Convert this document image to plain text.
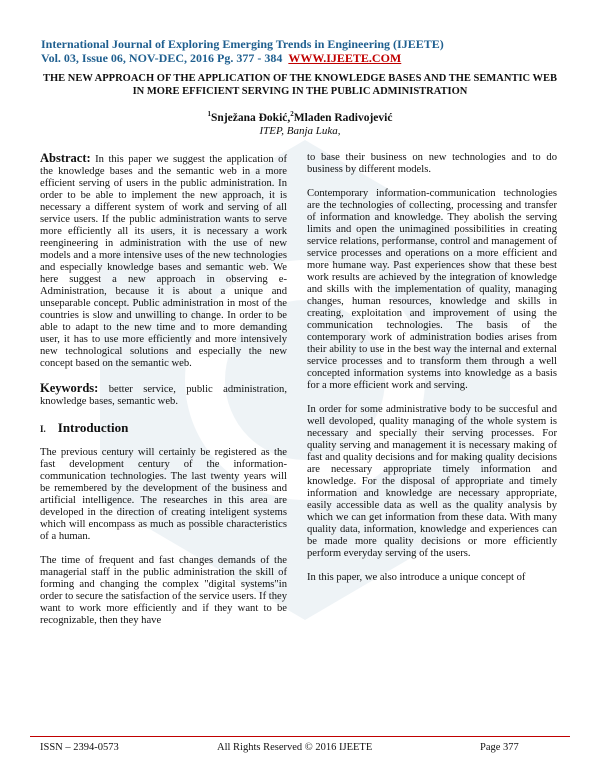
International Journal of Exploring Emerging Trends in Engineering (IJEETE)
Vol. 03, Issue 06, NOV-DEC, 2016 Pg. 377 - 384 WWW.IJEETE.COM
THE NEW APPROACH OF THE APPLICATION OF THE KNOWLEDGE BASES AND THE SEMANTIC WEB IN MORE EFFICIENT SERVING IN THE PUBLIC ADMINISTRATION
$^1$Snježana Đokić,$^2$Mladen Radivojević
ITEP, Banja Luka,

Abstract: In this paper we suggest the application of the knowledge bases and the semantic web in a more efficient serving of users in the public administration. In order to be able to implement the new approach, it is necessary a different system of work and serving of all service users. If the public administration wants to serve more efficiently all its users, it is necessary a work reengineering in administration with the use of new models and a more intensive uses of the new technologies and especially knowledge bases and semantic web. We here suggest a new approach in observing e-Administration, because it is about a unique and unseparable concept. Public administration in most of the countries is slow and unwilling to change. In order to be able to adapt to the new time and to more demanding user, it has to use more efficiently and more intensively new technological solutions and especially the new concept based on the semantic web.

Keywords: better service, public administration, knowledge bases, semantic web.

I. Introduction

The previous century will certainly be registered as the fast development century of the information-communication technologies. The last twenty years will be remembered by the development of the business and artificial intelligence. The researches in this area are developed in the direction of creating inteligent systems which will encompass as much as possible characteristics of a human.

The time of frequent and fast changes demands of the managerial staff in the public administration the skill of forming and changing the complex "digital systems"in order to secure the satisfaction of the service users. If they want to work more efficiently and if they want to be recognizable, then they have

to base their business on new technologies and to do business by different models.

Contemporary information-communication technologies are the technologies of collecting, processing and transfer of information and knowledge. They abolish the serving limits and open the unimagined possibilities in creating service relations, performanse, control and management of service processes and operations on a more efficient and more humane way. Past experiences show that these best work results are achieved by the integration of knowledge and skills with the implementation of quality, managing changes, human resources, knowledge and skills in creating, exploitation and improvement of using the communication technologies. The basis of the contemporary work of administration bodies arises from their ability to use in the best way the internal and external service processes and to transform them through a well concepted information systems into knowledge as a basis for a more efficient work and serving.

In order for some administrative body to be succesful and well devoloped, quality managing of the whole system is necessary and specially their serving processes. For quality serving and management it is necessary making of fast and quality decisions and for making quality decisions are necessary appropriate timely information and knowledge. For the disposal of appropriate and timely information and knowledge are necessary appropriate, easily accessible data as well as the quality analysis by which we can get information from these data. With many quality data, information, knowledge and experiences can be made more quality decisions or more efficiently perform everyday serving of the users.

In this paper, we also introduce a unique concept of

ISSN – 2394-0573	All Rights Reserved © 2016 IJEETE	Page 377
